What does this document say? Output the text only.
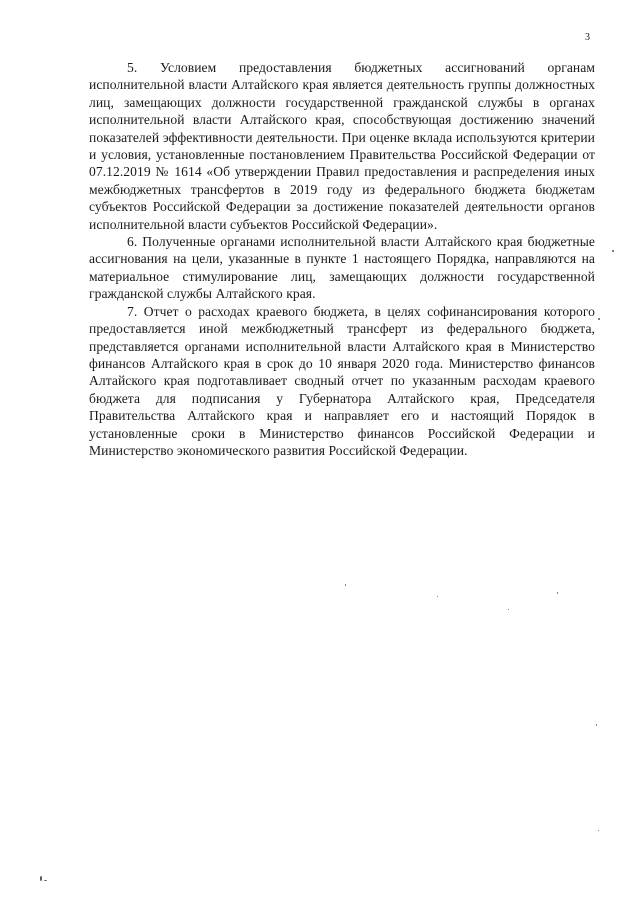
3

5. Условием предоставления бюджетных ассигнований органам исполнительной власти Алтайского края является деятельность группы должностных лиц, замещающих должности государственной гражданской службы в органах исполнительной власти Алтайского края, способствующая достижению значений показателей эффективности деятельности. При оценке вклада используются критерии и условия, установленные постановлением Правительства Российской Федерации от 07.12.2019 № 1614 «Об утверждении Правил предоставления и распределения иных межбюджетных трансфертов в 2019 году из федерального бюджета бюджетам субъектов Российской Федерации за достижение показателей деятельности органов исполнительной власти субъектов Российской Федерации».

6. Полученные органами исполнительной власти Алтайского края бюджетные ассигнования на цели, указанные в пункте 1 настоящего Порядка, направляются на материальное стимулирование лиц, замещающих должности государственной гражданской службы Алтайского края.

7. Отчет о расходах краевого бюджета, в целях софинансирования которого предоставляется иной межбюджетный трансферт из федерального бюджета, представляется органами исполнительной власти Алтайского края в Министерство финансов Алтайского края в срок до 10 января 2020 года. Министерство финансов Алтайского края подготавливает сводный отчет по указанным расходам краевого бюджета для подписания у Губернатора Алтайского края, Председателя Правительства Алтайского края и направляет его и настоящий Порядок в установленные сроки в Министерство финансов Российской Федерации и Министерство экономического развития Российской Федерации.
